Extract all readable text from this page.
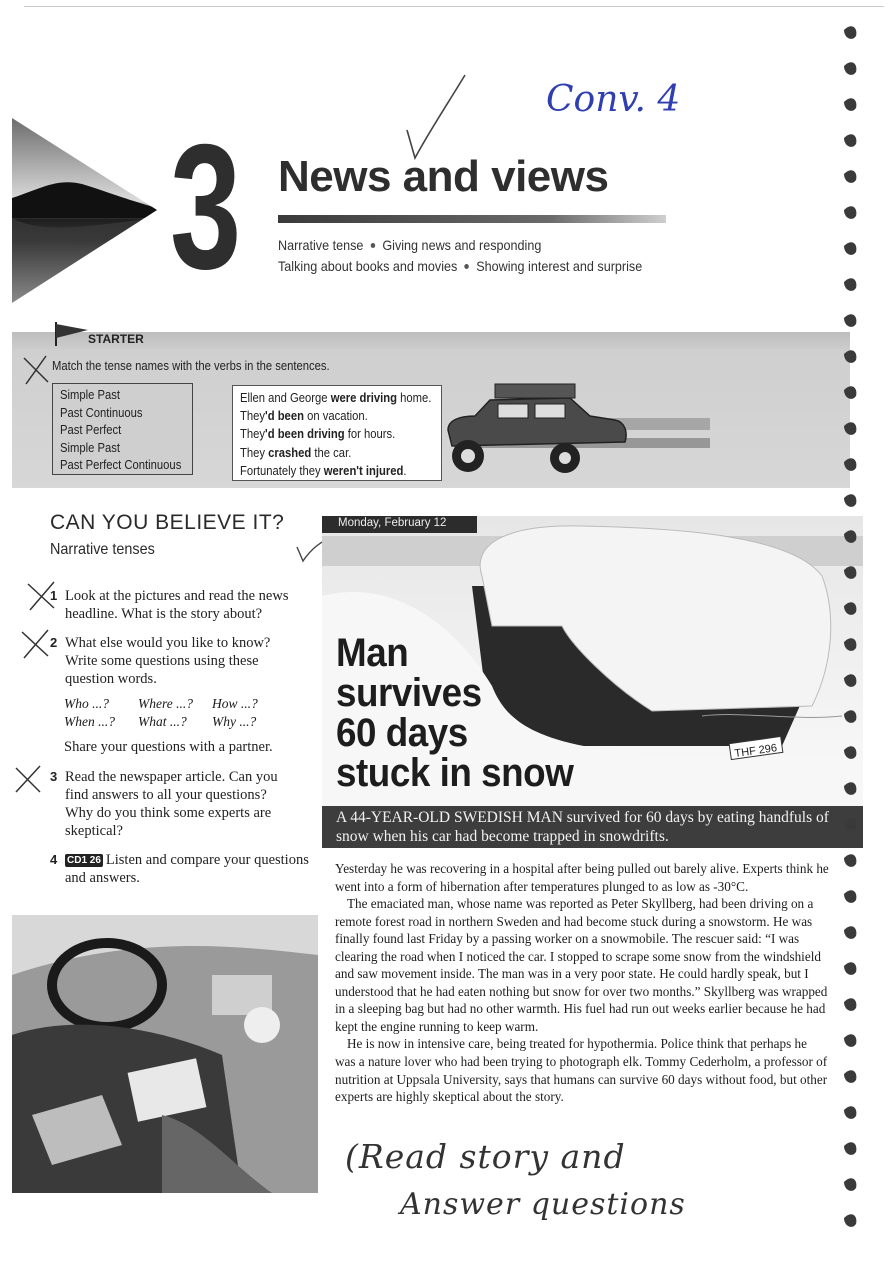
3 News and views
Narrative tense Giving news and responding
Talking about books and movies Showing interest and surprise
Conv. 4
STARTER
Match the tense names with the verbs in the sentences.
Simple Past
Past Continuous
Past Perfect
Simple Past
Past Perfect Continuous
Ellen and George were driving home.
They'd been on vacation.
They'd been driving for hours.
They crashed the car.
Fortunately they weren't injured.
CAN YOU BELIEVE IT?
Narrative tenses
1 Look at the pictures and read the news headline. What is the story about?
2 What else would you like to know? Write some questions using these question words.
Who ...? Where ...? How ...?
When ...? What ...? Why ...?
Share your questions with a partner.
3 Read the newspaper article. Can you find answers to all your questions? Why do you think some experts are skeptical?
4 CD1 26 Listen and compare your questions and answers.
THF 296
Monday, February 12
Man
survives
60 days
stuck in snow
A 44-YEAR-OLD SWEDISH MAN survived for 60 days by eating handfuls of snow when his car had become trapped in snowdrifts.

Yesterday he was recovering in a hospital after being pulled out barely alive. Experts think he went into a form of hibernation after temperatures plunged to as low as -30°C.

The emaciated man, whose name was reported as Peter Skyllberg, had been driving on a remote forest road in northern Sweden and had become stuck during a snowstorm. He was finally found last Friday by a passing worker on a snowmobile. The rescuer said: “I was clearing the road when I noticed the car. I stopped to scrape some snow from the windshield and saw movement inside. The man was in a very poor state. He could hardly speak, but I understood that he had eaten nothing but snow for over two months.” Skyllberg was wrapped in a sleeping bag but had no other warmth. His fuel had run out weeks earlier because he had kept the engine running to keep warm.

He is now in intensive care, being treated for hypothermia. Police think that perhaps he was a nature lover who had been trying to photograph elk. Tommy Cederholm, a professor of nutrition at Uppsala University, says that humans can survive 60 days without food, but other experts are highly skeptical about the story.

(Read story and
Answer questions
